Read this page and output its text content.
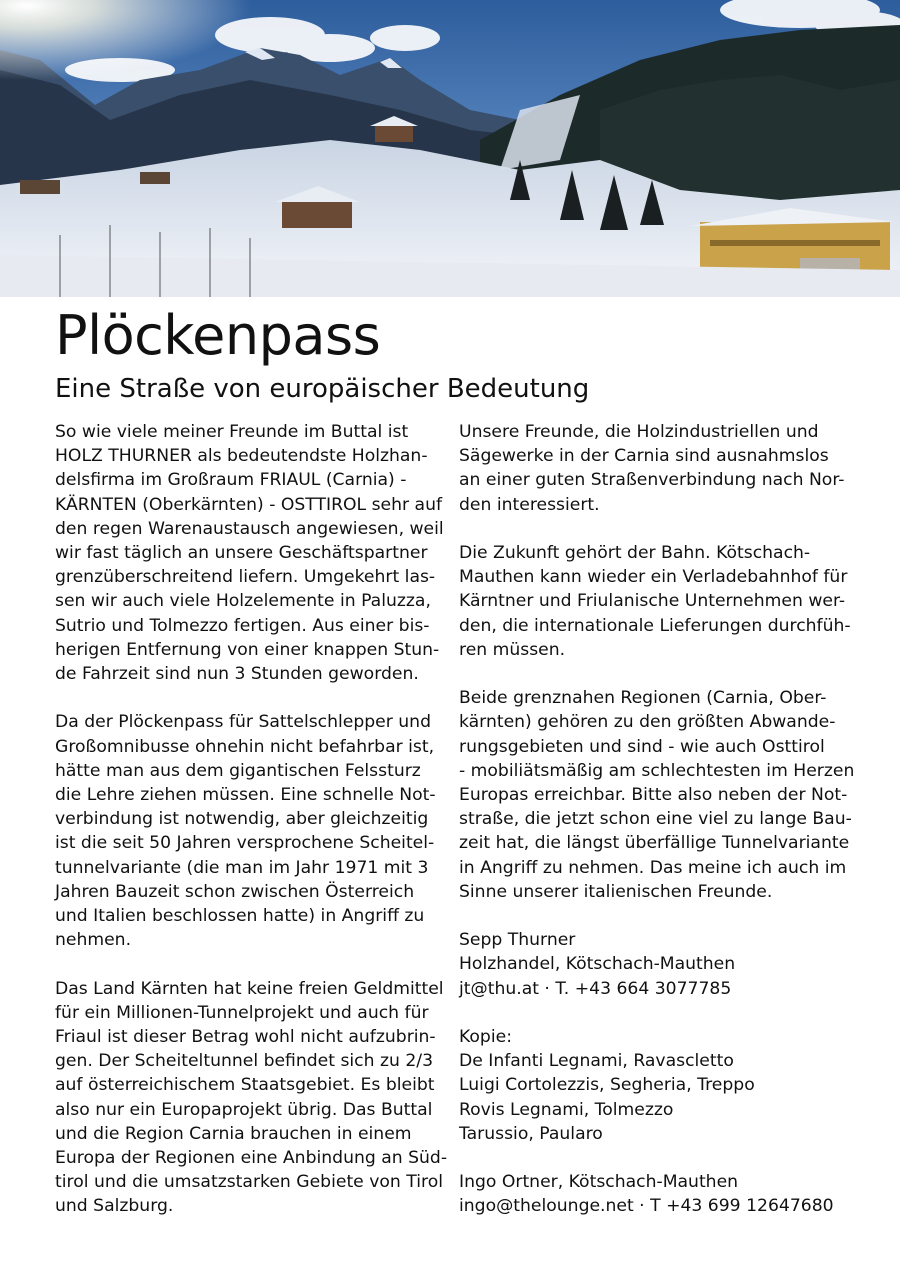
Plöckenpass
Eine Straße von europäischer Bedeutung
So wie viele meiner Freunde im Buttal ist
HOLZ THURNER als bedeutendste Holzhan-
delsfirma im Großraum FRIAUL (Carnia) -
KÄRNTEN (Oberkärnten) - OSTTIROL sehr auf
den regen Warenaustausch angewiesen, weil
wir fast täglich an unsere Geschäftspartner
grenzüberschreitend liefern. Umgekehrt las-
sen wir auch viele Holzelemente in Paluzza,
Sutrio und Tolmezzo fertigen. Aus einer bis-
herigen Entfernung von einer knappen Stun-
de Fahrzeit sind nun 3 Stunden geworden.
Da der Plöckenpass für Sattelschlepper und
Großomnibusse ohnehin nicht befahrbar ist,
hätte man aus dem gigantischen Felssturz
die Lehre ziehen müssen. Eine schnelle Not-
verbindung ist notwendig, aber gleichzeitig
ist die seit 50 Jahren versprochene Scheitel-
tunnelvariante (die man im Jahr 1971 mit 3
Jahren Bauzeit schon zwischen Österreich
und Italien beschlossen hatte) in Angriff zu
nehmen.
Das Land Kärnten hat keine freien Geldmittel
für ein Millionen-Tunnelprojekt und auch für
Friaul ist dieser Betrag wohl nicht aufzubrin-
gen. Der Scheiteltunnel befindet sich zu 2/3
auf österreichischem Staatsgebiet. Es bleibt
also nur ein Europaprojekt übrig. Das Buttal
und die Region Carnia brauchen in einem
Europa der Regionen eine Anbindung an Süd-
tirol und die umsatzstarken Gebiete von Tirol
und Salzburg.
Unsere Freunde, die Holzindustriellen und
Sägewerke in der Carnia sind ausnahmslos
an einer guten Straßenverbindung nach Nor-
den interessiert.
Die Zukunft gehört der Bahn. Kötschach-
Mauthen kann wieder ein Verladebahnhof für
Kärntner und Friulanische Unternehmen wer-
den, die internationale Lieferungen durchfüh-
ren müssen.
Beide grenznahen Regionen (Carnia, Ober-
kärnten) gehören zu den größten Abwande-
rungsgebieten und sind - wie auch Osttirol
- mobiliätsmäßig am schlechtesten im Herzen
Europas erreichbar. Bitte also neben der Not-
straße, die jetzt schon eine viel zu lange Bau-
zeit hat, die längst überfällige Tunnelvariante
in Angriff zu nehmen. Das meine ich auch im
Sinne unserer italienischen Freunde.
Sepp Thurner
Holzhandel, Kötschach-Mauthen
jt@thu.at · T. +43 664 3077785
Kopie:
De Infanti Legnami, Ravascletto
Luigi Cortolezzis, Segheria, Treppo
Rovis Legnami, Tolmezzo
Tarussio, Paularo
Ingo Ortner, Kötschach-Mauthen
ingo@thelounge.net · T +43 699 12647680
